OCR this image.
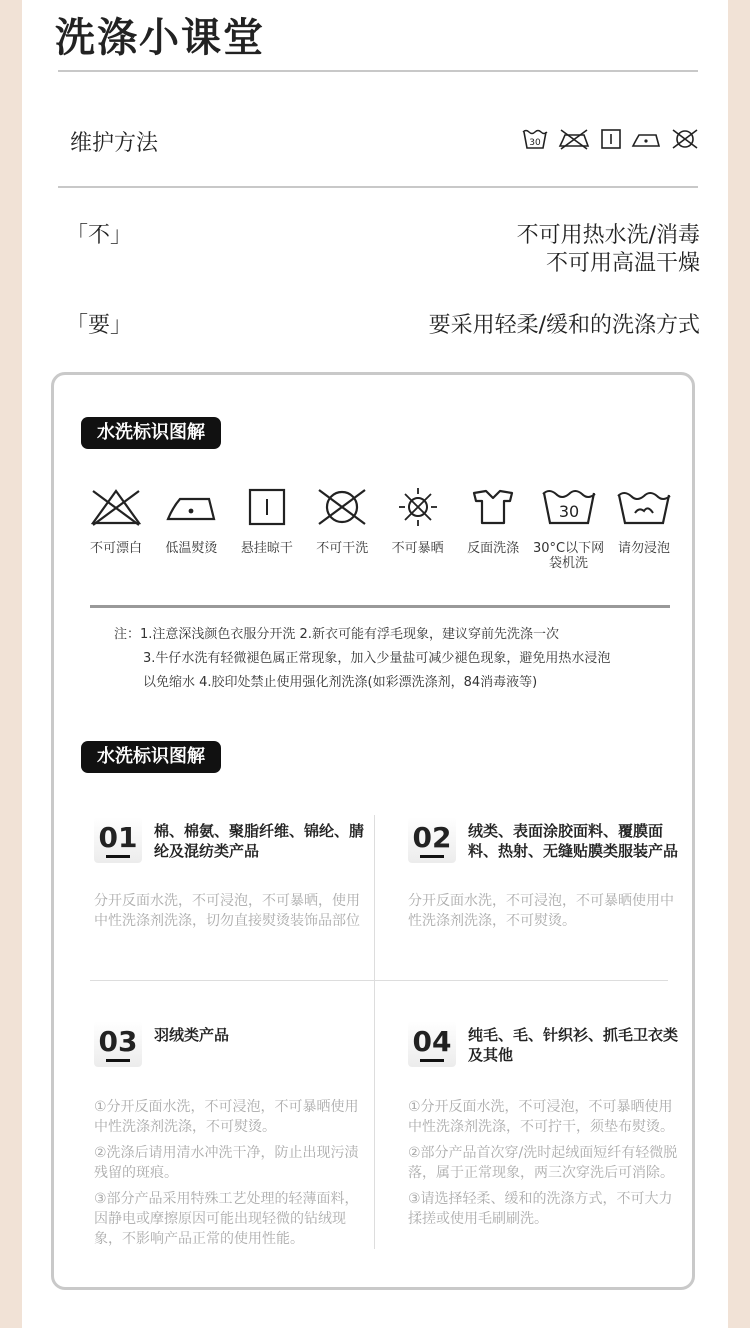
洗涤小课堂
维护方法	30
「不」	不可用热水洗/消毒
不可用高温干燥
「要」	要采用轻柔/缓和的洗涤方式
水洗标识图解
不可漂白	低温熨烫	悬挂晾干	不可干洗	不可暴晒	反面洗涤
30
30°C以下网袋机洗
请勿浸泡
注：1.注意深浅颜色衣服分开洗 2.新衣可能有浮毛现象，建议穿前先洗涤一次
3.牛仔水洗有轻微褪色属正常现象，加入少量盐可减少褪色现象，避免用热水浸泡
以免缩水 4.胶印处禁止使用强化剂洗涤(如彩漂洗涤剂，84消毒液等)
水洗标识图解
01	棉、棉氨、聚脂纤维、锦纶、腈纶及混纺类产品

分开反面水洗，不可浸泡，不可暴晒，使用中性洗涤剂洗涤，切勿直接熨烫装饰品部位

02	绒类、表面涂胶面料、覆膜面料、热射、无缝贴膜类服装产品

分开反面水洗，不可浸泡，不可暴晒使用中性洗涤剂洗涤，不可熨烫。

03	羽绒类产品

①分开反面水洗，不可浸泡，不可暴晒使用中性洗涤剂洗涤，不可熨烫。

②洗涤后请用清水冲洗干净，防止出现污渍残留的斑痕。

③部分产品采用特殊工艺处理的轻薄面料，因静电或摩擦原因可能出现轻微的钻绒现象，不影响产品正常的使用性能。

04	纯毛、毛、针织衫、抓毛卫衣类及其他

①分开反面水洗，不可浸泡，不可暴晒使用中性洗涤剂洗涤，不可拧干，须垫布熨烫。

②部分产品首次穿/洗时起绒面短纤有轻微脱落，属于正常现象，两三次穿洗后可消除。

③请选择轻柔、缓和的洗涤方式，不可大力揉搓或使用毛刷刷洗。
